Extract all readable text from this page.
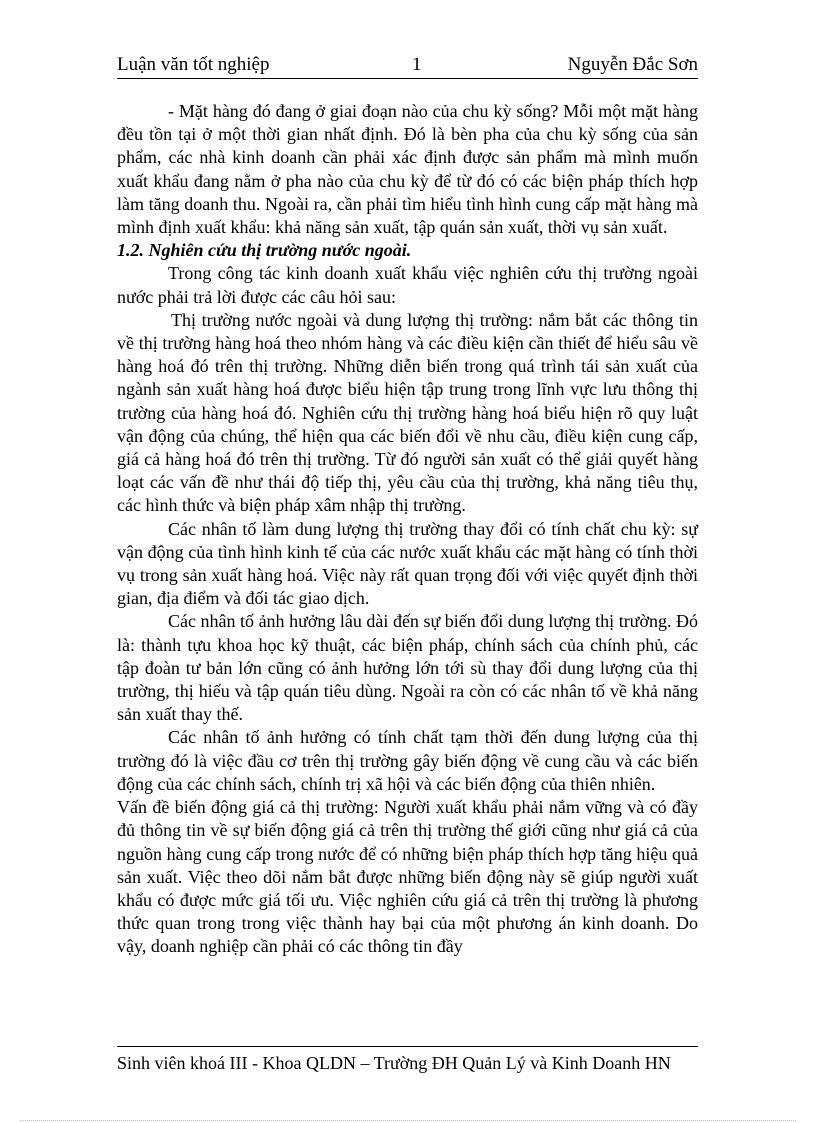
Luận văn tốt nghiệp	1	Nguyễn Đắc Sơn

- Mặt hàng đó đang ở giai đoạn nào của chu kỳ sống? Mỗi một mặt hàng đều tồn tại ở một thời gian nhất định. Đó là bèn pha của chu kỳ sống của sản phẩm, các nhà kinh doanh cần phải xác định được sản phẩm mà mình muốn xuất khẩu đang nằm ở pha nào của chu kỳ để từ đó có các biện pháp thích hợp làm tăng doanh thu. Ngoài ra, cần phải tìm hiểu tình hình cung cấp mặt hàng mà mình định xuất khẩu: khả năng sản xuất, tập quán sản xuất, thời vụ sản xuất.

1.2. Nghiên cứu thị trường nước ngoài.

Trong công tác kinh doanh xuất khẩu việc nghiên cứu thị trường ngoài nước phải trả lời được các câu hỏi sau:

Thị trường nước ngoài và dung lượng thị trường: nắm bắt các thông tin về thị trường hàng hoá theo nhóm hàng và các điều kiện cần thiết để hiểu sâu về hàng hoá đó trên thị trường. Những diễn biến trong quá trình tái sản xuất của ngành sản xuất hàng hoá được biểu hiện tập trung trong lĩnh vực lưu thông thị trường của hàng hoá đó. Nghiên cứu thị trường hàng hoá biểu hiện rõ quy luật vận động của chúng, thể hiện qua các biến đổi về nhu cầu, điều kiện cung cấp, giá cả hàng hoá đó trên thị trường. Từ đó người sản xuất có thể giải quyết hàng loạt các vấn đề như thái độ tiếp thị, yêu cầu của thị trường, khả năng tiêu thụ, các hình thức và biện pháp xâm nhập thị trường.

Các nhân tố làm dung lượng thị trường thay đổi có tính chất chu kỳ: sự vận động của tình hình kinh tế của các nước xuất khẩu các mặt hàng có tính thời vụ trong sản xuất hàng hoá. Việc này rất quan trọng đối với việc quyết định thời gian, địa điểm và đối tác giao dịch.

Các nhân tố ảnh hưởng lâu dài đến sự biến đổi dung lượng thị trường. Đó là: thành tựu khoa học kỹ thuật, các biện pháp, chính sách của chính phủ, các tập đoàn tư bản lớn cũng có ảnh hưởng lớn tới sù thay đổi dung lượng của thị trường, thị hiếu và tập quán tiêu dùng. Ngoài ra còn có các nhân tố về khả năng sản xuất thay thế.

Các nhân tố ảnh hưởng có tính chất tạm thời đến dung lượng của thị trường đó là việc đầu cơ trên thị trường gây biến động về cung cầu và các biến động của các chính sách, chính trị xã hội và các biến động của thiên nhiên.

Vấn đề biến động giá cả thị trường: Người xuất khẩu phải nắm vững và có đầy đủ thông tin về sự biến động giá cả trên thị trường thế giới cũng như giá cả của nguồn hàng cung cấp trong nước để có những biện pháp thích hợp tăng hiệu quả sản xuất. Việc theo dõi nắm bắt được những biến động này sẽ giúp người xuất khẩu có được mức giá tối ưu. Việc nghiên cứu giá cả trên thị trường là phương thức quan trong trong việc thành hay bại của một phương án kinh doanh. Do vậy, doanh nghiệp cần phải có các thông tin đầy

Sinh viên khoá III - Khoa QLDN – Trường ĐH Quản Lý và Kinh Doanh HN
